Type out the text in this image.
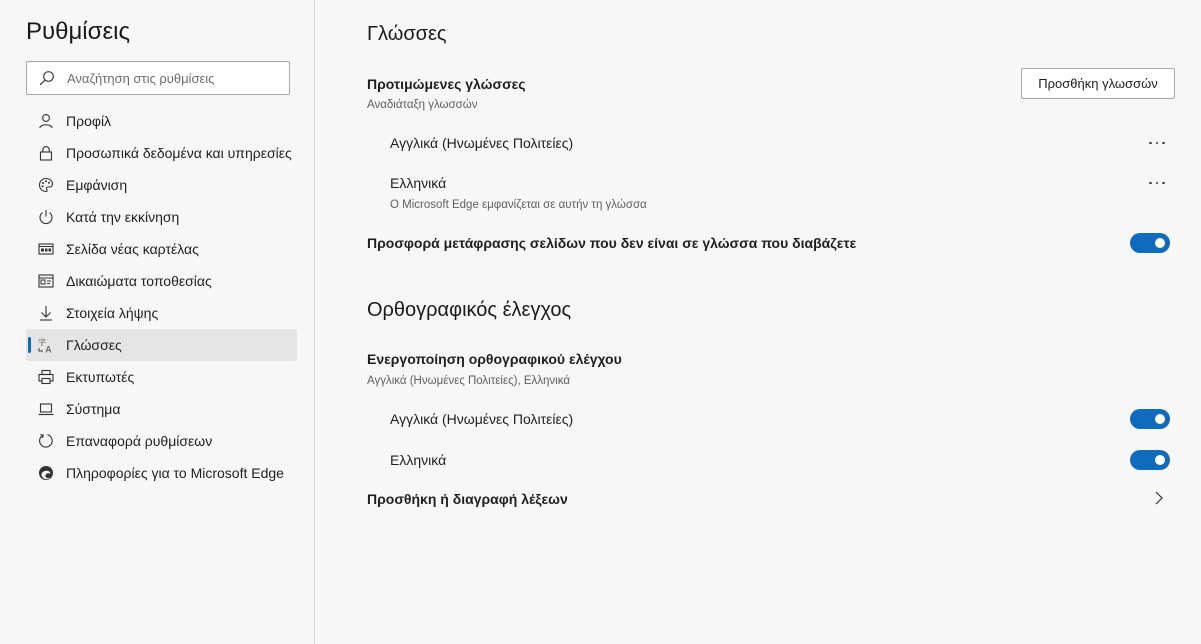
Ρυθμίσεις
Αναζήτηση στις ρυθμίσεις
Προφίλ
Προσωπικά δεδομένα και υπηρεσίες
Εμφάνιση
Κατά την εκκίνηση
Σελίδα νέας καρτέλας
Δικαιώματα τοποθεσίας
Στοιχεία λήψης
字
A Γλώσσες
Εκτυπωτές
Σύστημα
Επαναφορά ρυθμίσεων
Πληροφορίες για το Microsoft Edge
Γλώσσες
Προτιμώμενες γλώσσες
Αναδιάταξη γλωσσών
Προσθήκη γλωσσών
Αγγλικά (Ηνωμένες Πολιτείες)
Ελληνικά
Ο Microsoft Edge εμφανίζεται σε αυτήν τη γλώσσα
Προσφορά μετάφρασης σελίδων που δεν είναι σε γλώσσα που διαβάζετε
Ορθογραφικός έλεγχος
Ενεργοποίηση ορθογραφικού ελέγχου
Αγγλικά (Ηνωμένες Πολιτείες), Ελληνικά
Αγγλικά (Ηνωμένες Πολιτείες)
Ελληνικά
Προσθήκη ή διαγραφή λέξεων
